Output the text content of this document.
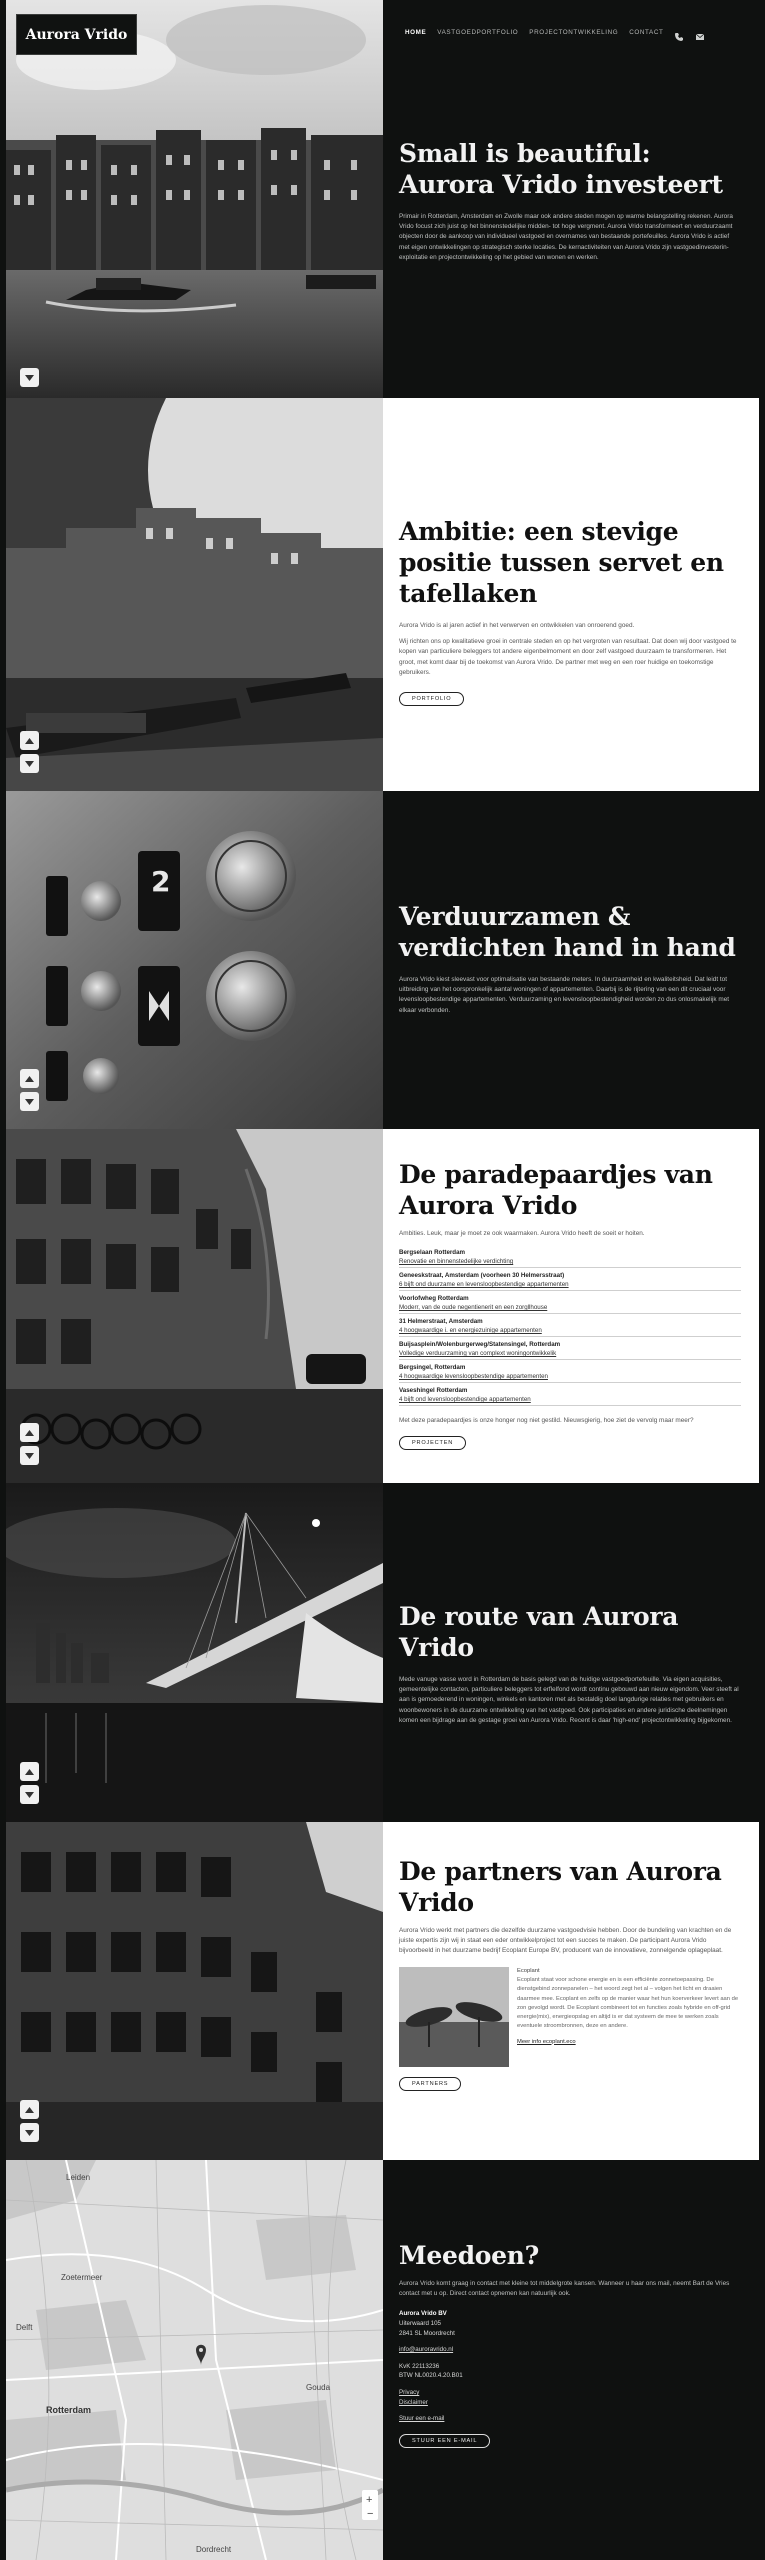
Aurora Vrido	HOME VASTGOEDPORTFOLIO PROJECTONTWIKKELING CONTACT
Small is beautiful: Aurora Vrido investeert

Primair in Rotterdam, Amsterdam en Zwolle maar ook andere steden mogen op warme belangstelling rekenen. Aurora Vrido focust zich juist op het binnenstedelijke midden- tot hoge vergment. Aurora Vrido transformeert en verduurzaamt objecten door de aankoop van individueel vastgoed en overnames van bestaande portefeuilles. Aurora Vrido is actief met eigen ontwikkelingen op strategisch sterke locaties. De kernactiviteiten van Aurora Vrido zijn vastgoedinvesterin- exploitatie en projectontwikkeling op het gebied van wonen en werken.

Ambitie: een stevige positie tussen servet en tafellaken

Aurora Vrido is al jaren actief in het verwerven en ontwikkelen van onroerend goed.

Wij richten ons op kwalitatieve groei in centrale steden en op het vergroten van resultaat. Dat doen wij door vastgoed te kopen van particuliere beleggers tot andere eigenbelmoment en door zelf vastgoed duurzaam te transformeren. Het groot, met komt daar bij de toekomst van Aurora Vrido. De partner met weg en een roer huidige en toekomstige gebruikers.

PORTFOLIO
2
Verduurzamen & verdichten hand in hand

Aurora Vrido kiest sleevast voor optimalisatie van bestaande meters. In duurzaamheid en kwaliteitsheid. Dat leidt tot uitbreiding van het oorspronkelijk aantal woningen of appartementen. Daarbij is de rijtering van een dit cruciaal voor levensloopbestendige appartementen. Verduurzaming en levensloopbestendigheid worden zo dus onlosmakelijk met elkaar verbonden.

De paradepaardjes van Aurora Vrido

Ambities. Leuk, maar je moet ze ook waarmaken. Aurora Vrido heeft de soeit er hoiten.

Bergselaan Rotterdam
Renovatie en binnenstedelijke verdichting
Geneeskstraat, Amsterdam (voorheen 30 Helmersstraat)
6 bijft ond duurzame en levensloopbestendige appartementen
Voorlofwheg Rotterdam
Moderr, van de oude negentienerit en een zorgllhouse
31 Helmerstraat, Amsterdam
4 hoogwaardige i. en energiezuinige appartementen
Buijsasplein/Wolenburgerweg/Statensingel, Rotterdam
Volledige verduurzaming van complext woningontwikkelik
Bergsingel, Rotterdam
4 hoogwaardige levensloopbestendige appartementen
Vaseshingel Rotterdam
4 bijft ond levensloopbestendige appartementen

Met deze paradepaardjes is onze honger nog niet gestild. Nieuwsgierig, hoe ziet de vervolg maar meer?

PROJECTEN
De route van Aurora Vrido

Mede vanuge vasse word in Rotterdam de basis gelegd van de huidige vastgoedportefeuille. Via eigen acquisities, gemeentelijke contacten, particuliere beleggers tot erflelfond wordt continu gebouwd aan nieuw eigendom. Veer steeft al aan is gemoederend in woningen, winkels en kantoren met als bestaldig doel langdurige relaties met gebruikers en woonbewoners in de duurzame ontwikkeling van het vastgoed. Ook participaties en andere juridische deelnemingen komen een bijdrage aan de gestage groei van Aurora Vrido. Recent is daar 'high-end' projectontwikkeling bijgekomen.

De partners van Aurora Vrido

Aurora Vrido werkt met partners die dezelfde duurzame vastgoedvisie hebben. Door de bundeling van krachten en de juiste expertis zijn wij in staat een eder ontwikkelproject tot een succes te maken. De participant Aurora Vrido bijvoorbeeld in het duurzame bedrijf Ecoplant Europe BV, producent van de innovatieve, zonnelgende oplageplaat.

Ecoplant
Ecoplant staat voor schone energie en is een efficiënte zonnetoepassing. De dienstgebind zonnepanelen – het woord zegt het al – volgen het licht en draaien daarmee mee. Ecoplant en zelfs op de manier waar het hun koerverkeer levert aan de zon gevolgd wordt. De Ecoplant combineert tot en functies zoals hybride en off-grid energie(mix), energieopslag en altijd is er dat systeem de mee te werken zoals eventuele stroombronnen, deze en andere.
Meer info ecoplant.eco
PARTNERS
Leiden
Zoetermeer
Gouda
Rotterdam
Dordrecht
Delft
+
−
Meedoen?

Aurora Vrido komt graag in contact met kleine tot middelgrote kansen. Wanneer u haar ons mail, neemt Bart de Vries contact met u op. Direct contact opnemen kan natuurlijk ook.

Aurora Vrido BV
Uiterwaard 105
2841 SL Moordrecht
info@auroravrido.nl
KvK 22113236
BTW NL0020.4.20.B01
Privacy
Disclaimer
Stuur een e-mail
STUUR EEN E-MAIL
